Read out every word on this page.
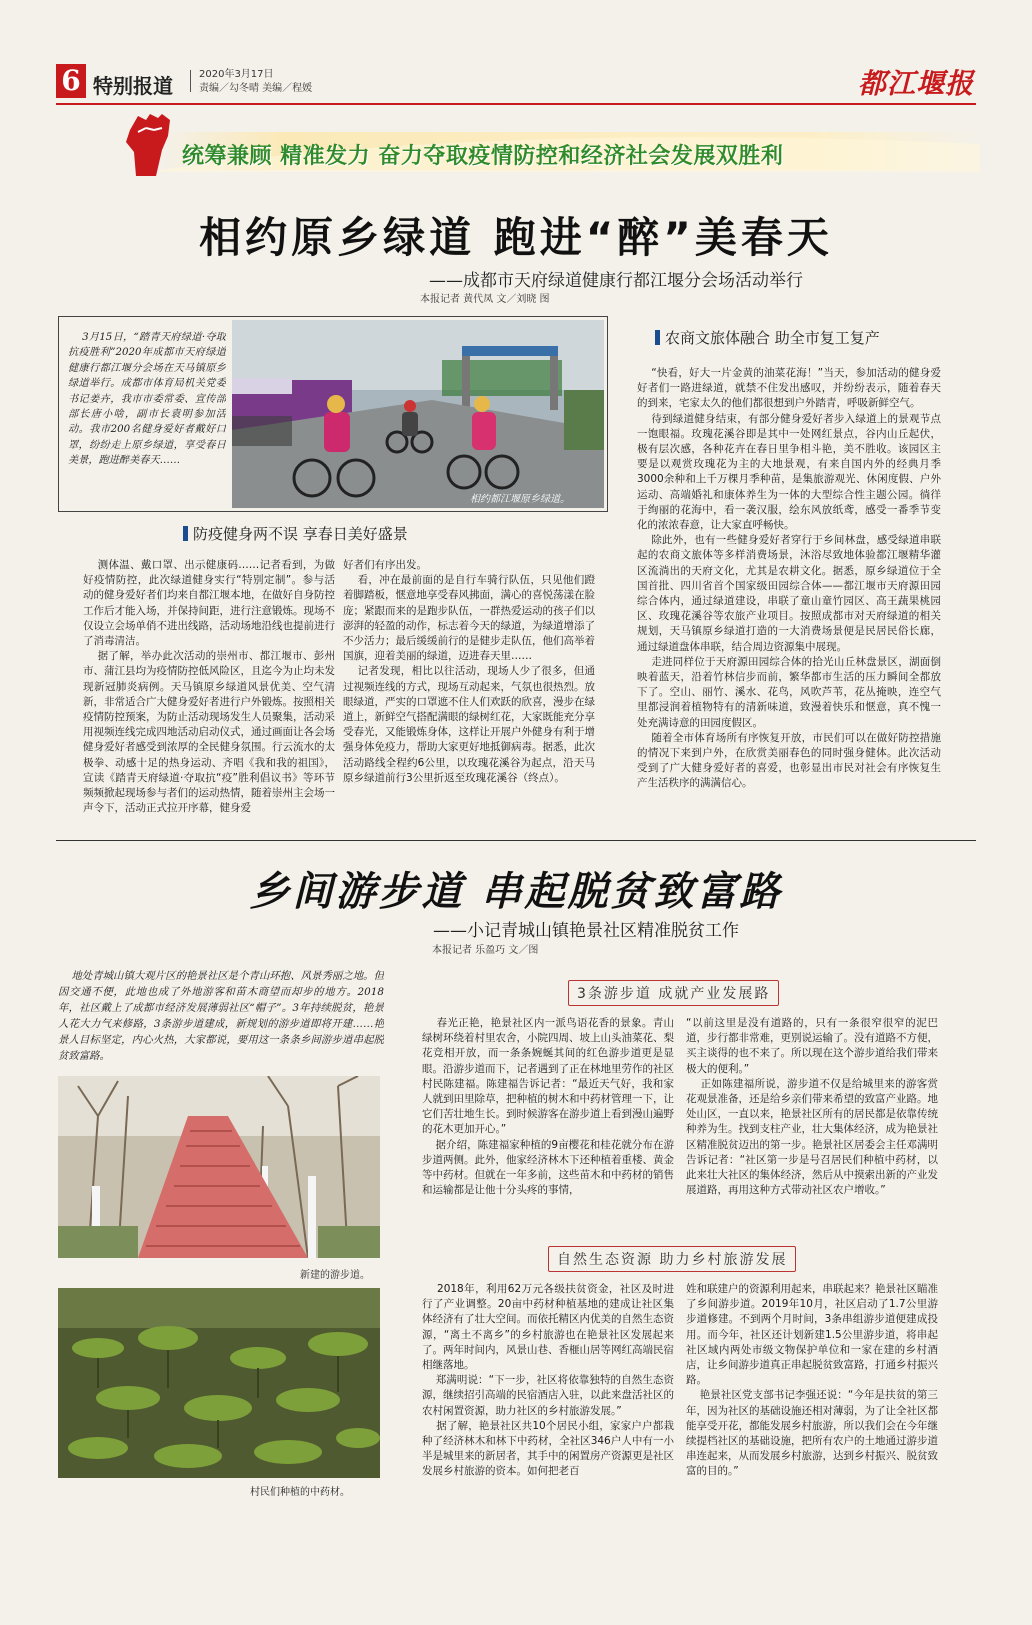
6 特别报道	2020年3月17日
责编／勾冬晴 美编／程媛	都江堰报
统筹兼顾 精准发力 奋力夺取疫情防控和经济社会发展双胜利
相约原乡绿道 跑进“醉”美春天
——成都市天府绿道健康行都江堰分会场活动举行
本报记者 黄代凤 文／刘晓 图
3月15日，“踏青天府绿道·夺取抗疫胜利”2020年成都市天府绿道健康行都江堰分会场在天马镇原乡绿道举行。成都市体育局机关党委书记姜卉，我市市委常委、宣传部部长唐小啥，副市长袁明参加活动。我市200名健身爱好者戴好口罩，纷纷走上原乡绿道，享受春日美景，跑进醉美春天……
相约都江堰原乡绿道。
防疫健身两不误 享春日美好盛景
农商文旅体融合 助全市复工复产
测体温、戴口罩、出示健康码……记者看到，为做好疫情防控，此次绿道健身实行“特别定制”。参与活动的健身爱好者们均来自都江堰本地，在做好自身防控工作后才能入场，并保持间距，进行注意锻炼。现场不仅设立会场单俏不进出线路，活动场地沿线也提前进行了消毒清洁。
据了解，举办此次活动的崇州市、都江堰市、彭州市、蒲江县均为疫情防控低风险区，且迄今为止均未发现新冠肺炎病例。天马镇原乡绿道风景优美、空气清新，非常适合广大健身爱好者进行户外锻炼。按照相关疫情防控预案，为防止活动现场发生人员聚集，活动采用视频连线完成四地活动启动仪式，通过画面让各会场健身爱好者感受到浓厚的全民健身氛围。行云流水的太极拳、动感十足的热身运动、齐唱《我和我的祖国》，宣读《踏青天府绿道·夺取抗“疫”胜利倡议书》等环节频频掀起现场参与者们的运动热情，随着崇州主会场一声令下，活动正式拉开序幕，健身爱
好者们有序出发。
看，冲在最前面的是自行车骑行队伍，只见他们蹬着脚踏板，惬意地享受春风拂面，满心的喜悦荡漾在脸庞；紧跟而来的是跑步队伍，一群热爱运动的孩子们以澎湃的轻盈的动作，标志着今天的绿道，为绿道增添了不少活力；最后缓缓前行的是健步走队伍，他们高举着国旗，迎着美丽的绿道，迈进春天里……
记者发现，相比以往活动，现场人少了很多，但通过视频连线的方式，现场互动起来，气氛也很热烈。放眼绿道，严实的口罩遮不住人们欢跃的欣喜，漫步在绿道上，新鲜空气搭配满眼的绿树红花，大家既能充分享受春光，又能锻炼身体，这样让开展户外健身有利于增强身体免疫力，帮助大家更好地抵御病毒。据悉，此次活动路线全程约6公里，以玫瑰花溪谷为起点，沿天马原乡绿道前行3公里折返至玫瑰花溪谷（终点）。
“快看，好大一片金黄的油菜花海！”当天，参加活动的健身爱好者们一路进绿道，就禁不住发出感叹，并纷纷表示，随着春天的到来，宅家太久的他们都很想到户外踏青，呼吸新鲜空气。
待到绿道健身结束，有部分健身爱好者步入绿道上的景观节点一饱眼福。玫瑰花溪谷即是其中一处网红景点，谷内山丘起伏，极有层次感，各种花卉在春日里争相斗艳，美不胜收。该园区主要是以观赏玫瑰花为主的大地景观，有来自国内外的经典月季3000余种和上千万棵月季种苗，是集旅游观光、休闲度假、户外运动、高端婚礼和康体养生为一体的大型综合性主题公园。徜徉于绚丽的花海中，看一袭汉服，绘东风放纸鸢，感受一番季节变化的浓浓春意，让大家直呼畅快。
除此外，也有一些健身爱好者穿行于乡间林盘，感受绿道串联起的农商文旅体等多样消费场景，沐浴尽致地体验都江堰精华灌区流淌出的天府文化，尤其是农耕文化。据悉，原乡绿道位于全国首批、四川省首个国家级田园综合体——都江堰市天府源田园综合体内，通过绿道建设，串联了童山童竹园区、高王蔬果桃园区、玫瑰花溪谷等农旅产业项目。按照成都市对天府绿道的相关规划，天马镇原乡绿道打造的一大消费场景便是民居民俗长廊，通过绿道盘体串联，结合周边资源集中展现。
走进同样位于天府源田园综合体的拾光山丘林盘景区，湖面倒映着蓝天，沿着竹林信步而前，繁华都市生活的压力瞬间全都放下了。空山、丽竹、溪水、花鸟，风吹芦苇，花丛掩映，连空气里都浸润着植物特有的清新味道，致漫着快乐和惬意，真不愧一处充满诗意的田园度假区。
随着全市体育场所有序恢复开放，市民们可以在做好防控措施的情况下来到户外，在欣赏美丽春色的同时强身健体。此次活动受到了广大健身爱好者的喜爱，也彰显出市民对社会有序恢复生产生活秩序的满满信心。
乡间游步道 串起脱贫致富路
——小记青城山镇艳景社区精准脱贫工作
本报记者 乐盈巧 文／图
地处青城山镇大观片区的艳景社区是个青山环抱、风景秀丽之地。但因交通不便，此地也成了外地游客和苗木商望而却步的地方。2018年，社区戴上了成都市经济发展薄弱社区“帽子”。3年持续脱贫，艳景人花大力气来修路，3条游步道建成，新规划的游步道即将开建……艳景人目标坚定，内心火热，大家都说，要用这一条条乡间游步道串起脱贫致富路。
新建的游步道。
村民们种植的中药材。
3条游步道 成就产业发展路
自然生态资源 助力乡村旅游发展
春光正艳，艳景社区内一派鸟语花香的景象。青山绿树环绕着村里农舍，小院四周、坡上山头油菜花、梨花竞相开放，而一条条婉蜒其间的红色游步道更是显眼。沿游步道而下，记者遇到了正在林地里劳作的社区村民陈建福。陈建福告诉记者：“最近天气好，我和家人就到田里除草，把种植的树木和中药材管理一下，让它们苦壮地生长。到时候游客在游步道上看到漫山遍野的花木更加开心。”
据介绍，陈建福家种植的9亩樱花和桂花就分布在游步道两侧。此外，他家经济林木下还种植着重楼、黄金等中药材。但就在一年多前，这些苗木和中药材的销售和运输都是让他十分头疼的事情，
“以前这里是没有道路的，只有一条很窄很窄的泥巴道，步行都非常难，更别说运输了。没有道路不方便，买主谈得的也不来了。所以现在这个游步道给我们带来极大的便利。”
正如陈建福所说，游步道不仅是给城里来的游客赏花观景准备，还是给乡亲们带来希望的致富产业路。地处山区，一直以来，艳景社区所有的居民都是依靠传统种养为生。找到支柱产业，壮大集体经济，成为艳景社区精准脱贫迈出的第一步。艳景社区居委会主任邓满明告诉记者：“社区第一步是号召居民们种植中药材，以此来壮大社区的集体经济，然后从中摸索出新的产业发展道路，再用这种方式带动社区农户增收。”
2018年，利用62万元各级扶贫资金，社区及时进行了产业调整。20亩中药材种植基地的建成让社区集体经济有了壮大空间。而依托精区内优美的自然生态资源，“离土不离乡”的乡村旅游也在艳景社区发展起来了。两年时间内，风景山巷、香榧山居等网红高端民宿相继落地。
郑满明说：“下一步，社区将依靠独特的自然生态资源，继续招引高端的民宿酒店入驻，以此来盘活社区的农村闲置资源，助力社区的乡村旅游发展。”
据了解，艳景社区共10个居民小组，家家户户都栽种了经济林木和林下中药材，全社区346户人中有一小半是城里来的新居者，其手中的闲置房产资源更是社区发展乡村旅游的资本。如何把老百
姓和联建户的资源利用起来，串联起来？艳景社区瞄准了乡间游步道。2019年10月，社区启动了1.7公里游步道修建。不到两个月时间，3条串组游步道便建成投用。而今年，社区还计划新建1.5公里游步道，将串起社区域内两处市级文物保护单位和一家在建的乡村酒店，让乡间游步道真正串起脱贫致富路，打通乡村振兴路。
艳景社区党支部书记李强还说：“今年是扶贫的第三年，因为社区的基础设施还相对薄弱，为了让全社区都能享受开花，都能发展乡村旅游，所以我们会在今年继续提档社区的基础设施，把所有农户的土地通过游步道串连起来，从而发展乡村旅游，达到乡村振兴、脱贫致富的目的。”
